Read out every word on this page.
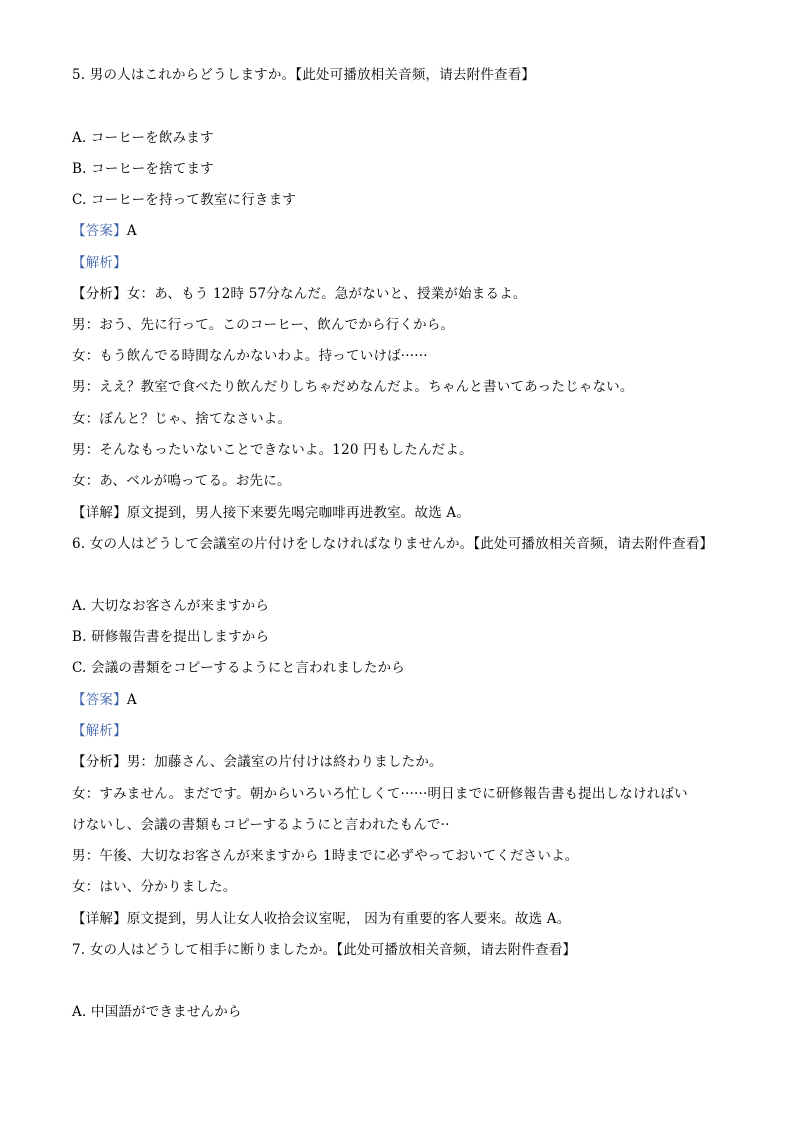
5. 男の人はこれからどうしますか。【此处可播放相关音频，请去附件查看】
A. コーヒーを飲みます
B. コーヒーを捨てます
C. コーヒーを持って教室に行きます
【答案】A
【解析】
【分析】女：あ、もう 12時 57分なんだ。急がないと、授業が始まるよ。
男：おう、先に行って。このコーヒー、飲んでから行くから。
女：もう飲んでる時間なんかないわよ。持っていけば······
男：ええ？教室で食べたり飲んだりしちゃだめなんだよ。ちゃんと書いてあったじゃない。
女：ぼんと？じゃ、捨てなさいよ。
男：そんなもったいないことできないよ。120 円もしたんだよ。
女：あ、ベルが鳴ってる。お先に。
【详解】原文提到，男人接下来要先喝完咖啡再进教室。故选 A。
6. 女の人はどうして会議室の片付けをしなければなりませんか。【此处可播放相关音频，请去附件查看】
A. 大切なお客さんが来ますから
B. 研修報告書を提出しますから
C. 会議の書類をコピーするようにと言われましたから
【答案】A
【解析】
【分析】男：加藤さん、会議室の片付けは終わりましたか。
女：すみません。まだです。朝からいろいろ忙しくて······明日までに研修報告書も提出しなければい
けないし、会議の書類もコピーするようにと言われたもんで··
男：午後、大切なお客さんが来ますから 1時までに必ずやっておいてくださいよ。
女：はい、分かりました。
【详解】原文提到，男人让女人收拾会议室呢， 因为有重要的客人要来。故选 A。
7. 女の人はどうして相手に断りましたか。【此处可播放相关音频，请去附件查看】
A. 中国語ができませんから
